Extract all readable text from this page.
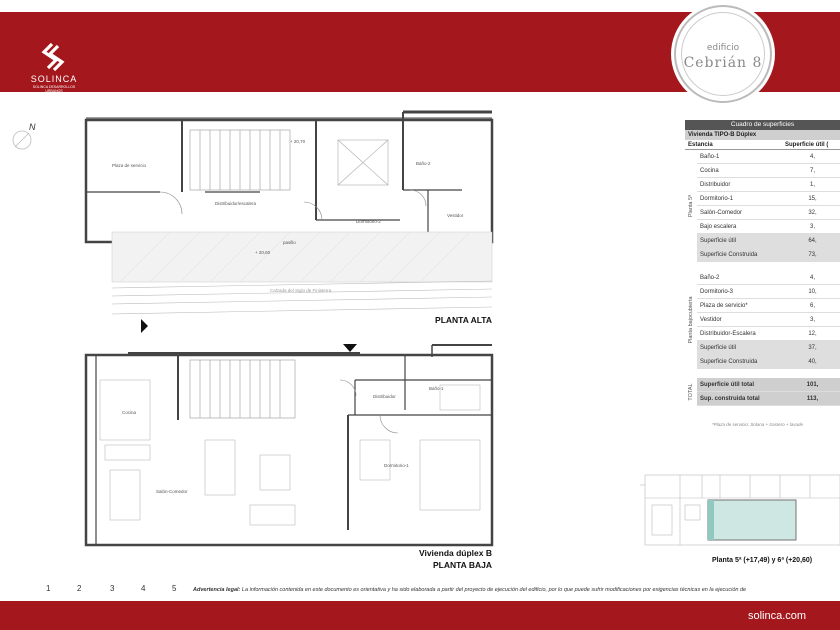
SOLINCA
SOLINCA DESARROLLOS URBANOS
edificio
Cebrián 8
N
Plaza de servicio
Distribuidor/escalera
Dormitorio-2
Baño-2
Vestidor
pasillo
+ 20,70
+ 20,60
Calzada del Siglo de Finisterra
Cocina
Salón-Comedor
Distribuidor
Baño-1
Dormitorio-1
PLANTA ALTA
Vivienda dúplex B
PLANTA BAJA
1	2	3	4	5
Cuadro de superficies
Vivienda TIPO-B Dúplex
Estancia	Superficie útil (
Planta 5ª
Baño-1	4,
Cocina	7,
Distribuidor	1,
Dormitorio-1	15,
Salón-Comedor	32,
Bajo escalera	3,
Superficie útil	64,
Superficie Construida	73,
Planta bajocubierta
Baño-2	4,
Dormitorio-3	10,
Plaza de servicio*	6,
Vestidor	3,
Distribuidor-Escalera	12,
Superficie útil	37,
Superficie Construida	40,
TOTAL	Superficie útil total	101,
Sup. construida total	113,
*Plaza de servicio: Solana + trastero + lavade
Planta 5ª (+17,49) y 6ª (+20,60)
Advertencia legal: La información contenida en este documento es orientativa y ha sido elaborada a partir del proyecto de ejecución del edificio, por lo que puede sufrir modificaciones por exigencias técnicas en la ejecución de
solinca.com
